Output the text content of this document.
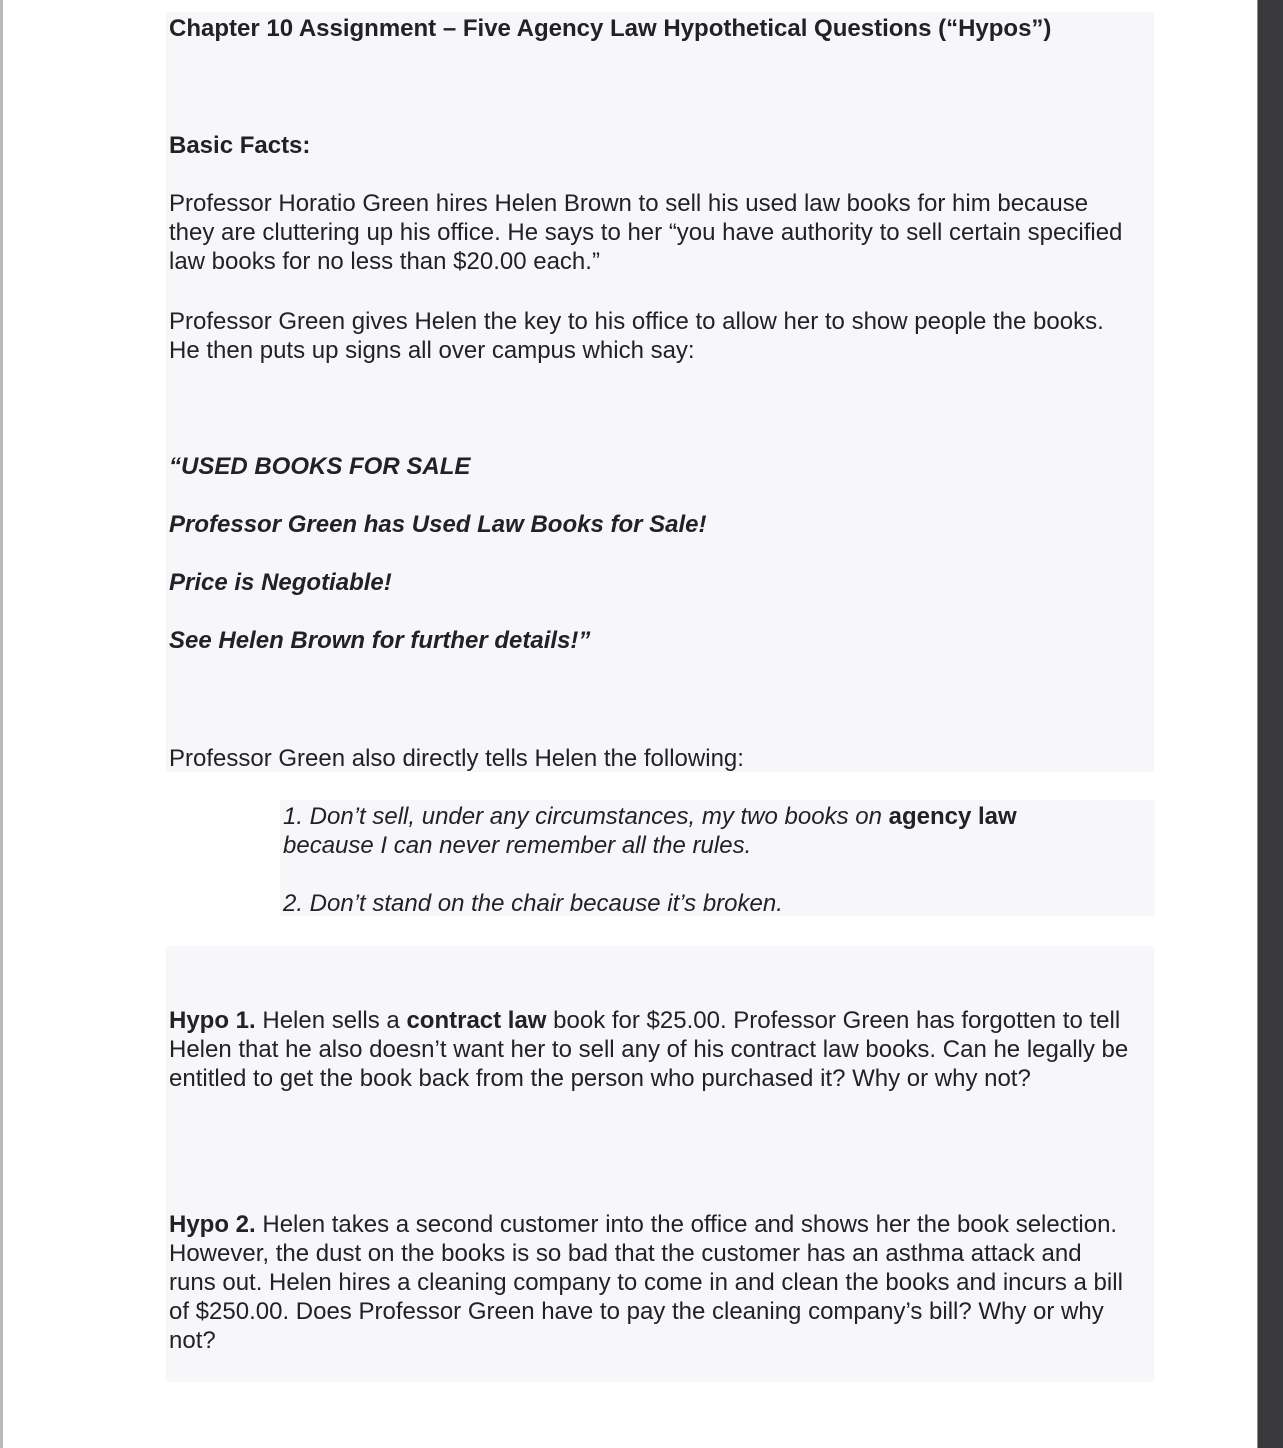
Chapter 10 Assignment – Five Agency Law Hypothetical Questions (“Hypos”)
Basic Facts:

Professor Horatio Green hires Helen Brown to sell his used law books for him because they are cluttering up his office. He says to her “you have authority to sell certain specified law books for no less than $20.00 each.”

Professor Green gives Helen the key to his office to allow her to show people the books. He then puts up signs all over campus which say:

“USED BOOKS FOR SALE
Professor Green has Used Law Books for Sale!
Price is Negotiable!
See Helen Brown for further details!”
Professor Green also directly tells Helen the following:

1. Don’t sell, under any circumstances, my two books on agency law because I can never remember all the rules.

2. Don’t stand on the chair because it’s broken.

Hypo 1. Helen sells a contract law book for $25.00. Professor Green has forgotten to tell Helen that he also doesn’t want her to sell any of his contract law books. Can he legally be entitled to get the book back from the person who purchased it? Why or why not?

Hypo 2. Helen takes a second customer into the office and shows her the book selection. However, the dust on the books is so bad that the customer has an asthma attack and runs out. Helen hires a cleaning company to come in and clean the books and incurs a bill of $250.00. Does Professor Green have to pay the cleaning company’s bill? Why or why not?
